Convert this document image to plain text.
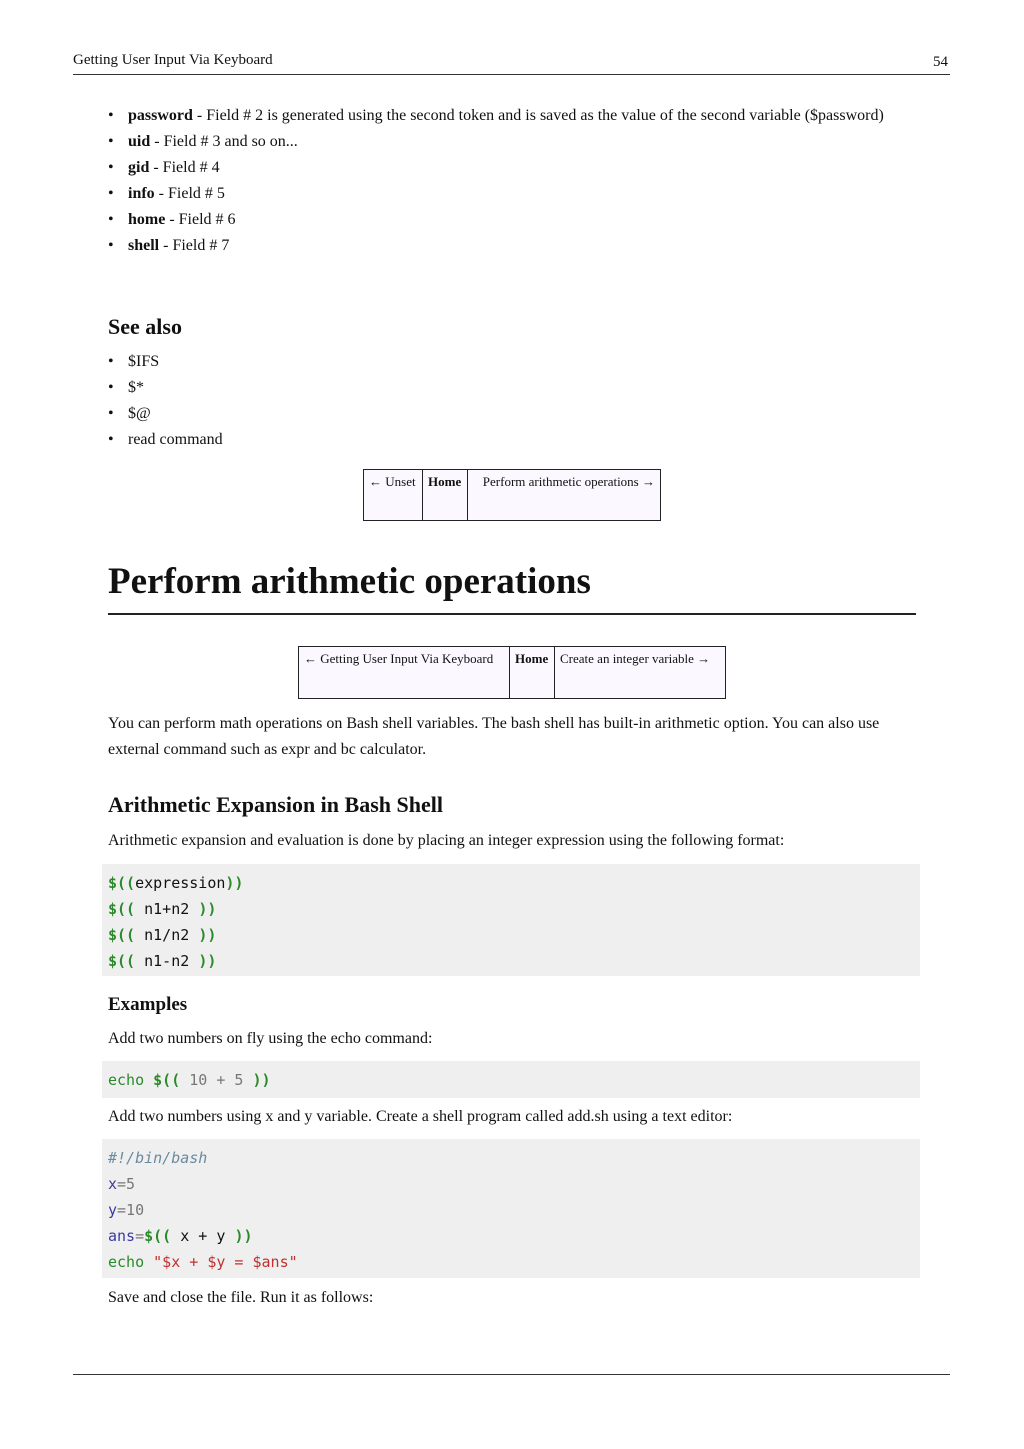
Getting User Input Via Keyboard	54
• password - Field # 2 is generated using the second token and is saved as the value of the second variable ($password)
• uid - Field # 3 and so on...
• gid - Field # 4
• info - Field # 5
• home - Field # 6
• shell - Field # 7
See also
• $IFS
• $*
• $@
• read command
← Unset	Home	Perform arithmetic operations →
Perform arithmetic operations
← Getting User Input Via Keyboard	Home	Create an integer variable →

You can perform math operations on Bash shell variables. The bash shell has built-in arithmetic option. You can also use external command such as expr and bc calculator.

Arithmetic Expansion in Bash Shell

Arithmetic expansion and evaluation is done by placing an integer expression using the following format:

$((expression))
$(( n1+n2 ))
$(( n1/n2 ))
$(( n1-n2 ))
Examples

Add two numbers on fly using the echo command:

echo $(( 10 + 5 ))

Add two numbers using x and y variable. Create a shell program called add.sh using a text editor:

#!/bin/bash
x=5
y=10
ans=$(( x + y ))
echo "$x + $y = $ans"

Save and close the file. Run it as follows:
